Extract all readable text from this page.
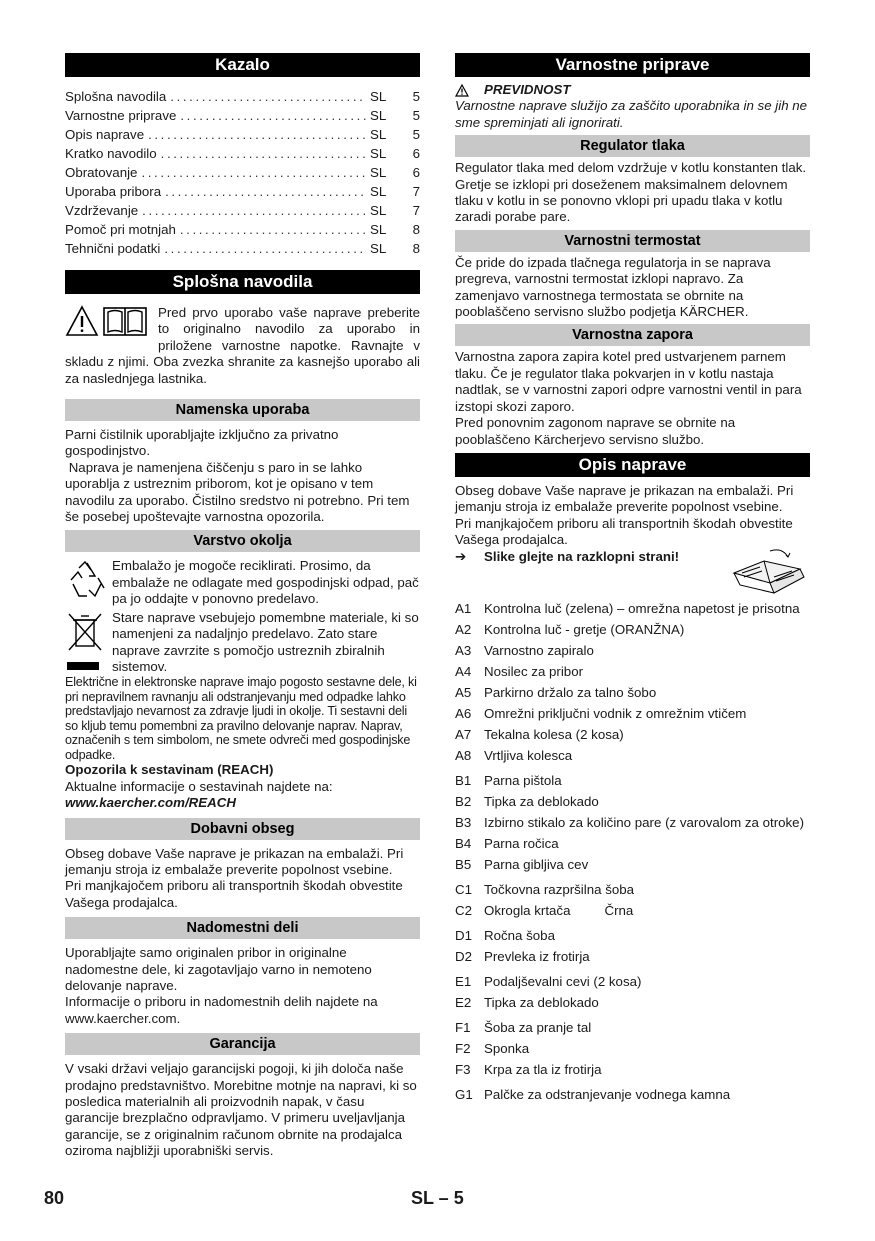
Kazalo
Splošna navodila .....	SL	5
Varnostne priprave .....	SL	5
Opis naprave .....	SL	5
Kratko navodilo .....	SL	6
Obratovanje .....	SL	6
Uporaba pribora .....	SL	7
Vzdrževanje .....	SL	7
Pomoč pri motnjah .....	SL	8
Tehnični podatki .....	SL	8
Splošna navodila

Pred prvo uporabo vaše naprave preberite to originalno navodilo za uporabo in priložene varnostne napotke. Ravnajte v skladu z njimi. Oba zvezka shranite za kasnejšo uporabo ali za naslednjega lastnika.

Namenska uporaba

Parni čistilnik uporabljajte izključno za privatno gospodinjstvo.

Naprava je namenjena čiščenju s paro in se lahko uporablja z ustreznim priborom, kot je opisano v tem navodilu za uporabo. Čistilno sredstvo ni potrebno. Pri tem še posebej upoštevajte varnostna opozorila.

Varstvo okolja

Embalažo je mogoče reciklirati. Prosimo, da embalaže ne odlagate med gospodinjski odpad, pač pa jo oddajte v ponovno predelavo.

Stare naprave vsebujejo pomembne materiale, ki so namenjeni za nadaljnjo predelavo. Zato stare naprave zavrzite s pomočjo ustreznih zbiralnih sistemov.

Električne in elektronske naprave imajo pogosto sestavne dele, ki pri nepravilnem ravnanju ali odstranjevanju med odpadke lahko predstavljajo nevarnost za zdravje ljudi in okolje. Ti sestavni deli so kljub temu pomembni za pravilno delovanje naprav. Naprav, označenih s tem simbolom, ne smete odvreči med gospodinjske odpadke.

Opozorila k sestavinam (REACH)

Aktualne informacije o sestavinah najdete na:

www.kaercher.com/REACH

Dobavni obseg

Obseg dobave Vaše naprave je prikazan na embalaži. Pri jemanju stroja iz embalaže preverite popolnost vsebine.

Pri manjkajočem priboru ali transportnih škodah obvestite Vašega prodajalca.

Nadomestni deli

Uporabljajte samo originalen pribor in originalne nadomestne dele, ki zagotavljajo varno in nemoteno delovanje naprave.

Informacije o priboru in nadomestnih delih najdete na www.kaercher.com.

Garancija

V vsaki državi veljajo garancijski pogoji, ki jih določa naše prodajno predstavništvo. Morebitne motnje na napravi, ki so posledica materialnih ali proizvodnih napak, v času garancije brezplačno odpravljamo. V primeru uveljavljanja garancije, se z originalnim računom obrnite na prodajalca oziroma najbližji uporabniški servis.

Varnostne priprave
PREVIDNOST

Varnostne naprave služijo za zaščito uporabnika in se jih ne sme spreminjati ali ignorirati.

Regulator tlaka

Regulator tlaka med delom vzdržuje v kotlu konstanten tlak. Gretje se izklopi pri doseženem maksimalnem delovnem tlaku v kotlu in se ponovno vklopi pri upadu tlaka v kotlu zaradi porabe pare.

Varnostni termostat

Če pride do izpada tlačnega regulatorja in se naprava pregreva, varnostni termostat izklopi napravo. Za zamenjavo varnostnega termostata se obrnite na pooblaščeno servisno službo podjetja KÄRCHER.

Varnostna zapora

Varnostna zapora zapira kotel pred ustvarjenem parnem tlaku. Če je regulator tlaka pokvarjen in v kotlu nastaja nadtlak, se v varnostni zapori odpre varnostni ventil in para izstopi skozi zaporo.

Pred ponovnim zagonom naprave se obrnite na pooblaščeno Kärcherjevo servisno službo.

Opis naprave

Obseg dobave Vaše naprave je prikazan na embalaži. Pri jemanju stroja iz embalaže preverite popolnost vsebine.

Pri manjkajočem priboru ali transportnih škodah obvestite Vašega prodajalca.

➔	Slike glejte na razklopni strani!
A1 Kontrolna luč (zelena) – omrežna napetost je prisotna
A2 Kontrolna luč - gretje (ORANŽNA)
A3 Varnostno zapiralo
A4 Nosilec za pribor
A5 Parkirno držalo za talno šobo
A6 Omrežni priključni vodnik z omrežnim vtičem
A7 Tekalna kolesa (2 kosa)
A8 Vrtljiva kolesca
B1 Parna pištola
B2 Tipka za deblokado
B3 Izbirno stikalo za količino pare (z varovalom za otroke)
B4 Parna ročica
B5 Parna gibljiva cev
C1 Točkovna razpršilna šoba
C2 Okrogla krtača	Črna
D1 Ročna šoba
D2 Prevleka iz frotirja
E1 Podaljševalni cevi (2 kosa)
E2 Tipka za deblokado
F1	Šoba za pranje tal
F2	Sponka
F3	Krpa za tla iz frotirja
G1 Palčke za odstranjevanje vodnega kamna
80	SL – 5
